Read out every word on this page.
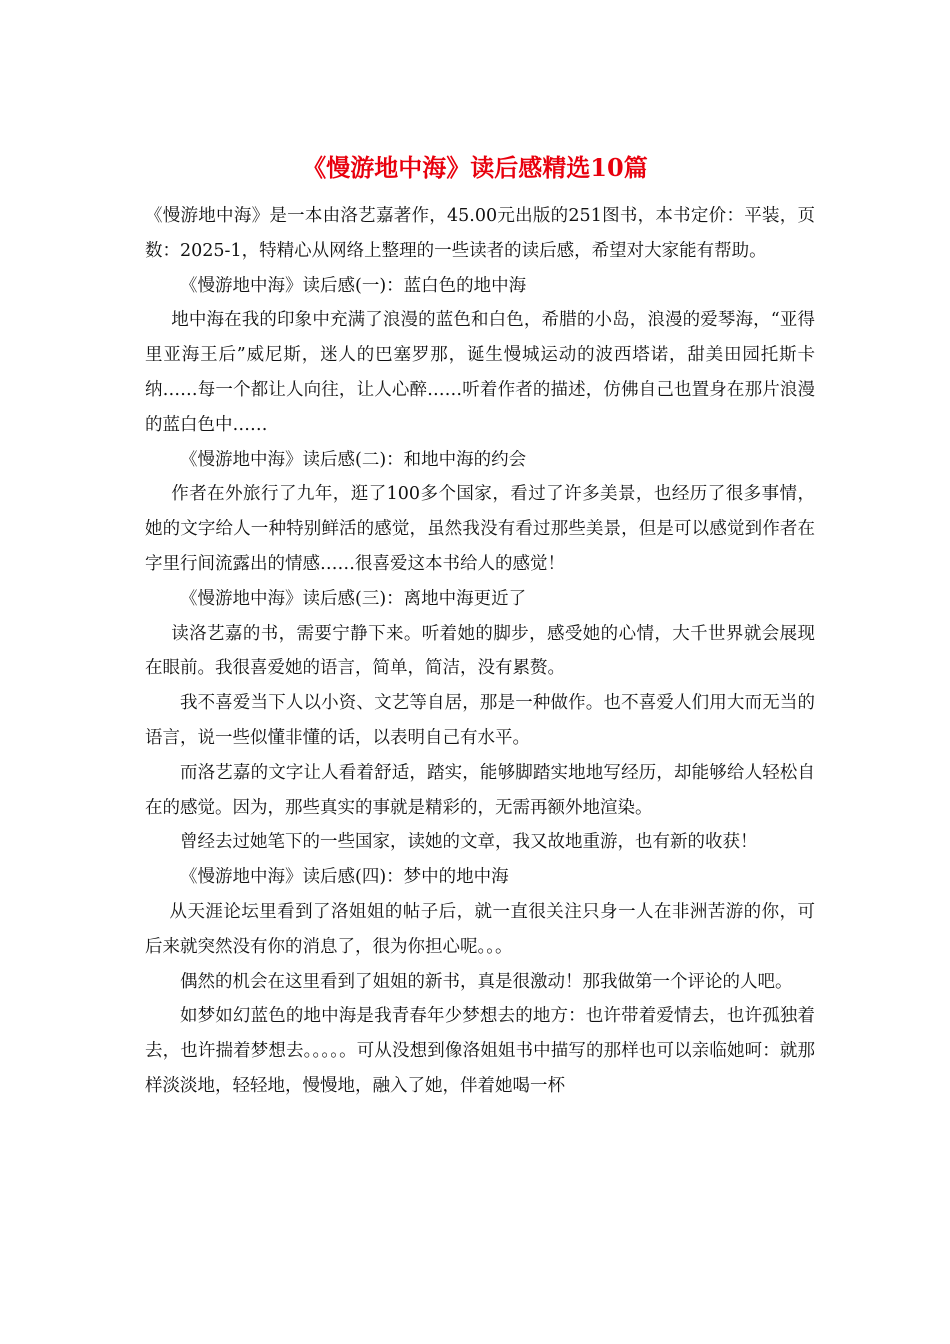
《慢游地中海》读后感精选10篇

《慢游地中海》是一本由洛艺嘉著作，45.00元出版的251图书，本书定价：平装，页数：2025-1，特精心从网络上整理的一些读者的读后感，希望对大家能有帮助。

《慢游地中海》读后感(一)：蓝白色的地中海

地中海在我的印象中充满了浪漫的蓝色和白色，希腊的小岛，浪漫的爱琴海，“亚得里亚海王后”威尼斯，迷人的巴塞罗那，诞生慢城运动的波西塔诺，甜美田园托斯卡纳……每一个都让人向往，让人心醉……听着作者的描述，仿佛自己也置身在那片浪漫的蓝白色中……

《慢游地中海》读后感(二)：和地中海的约会

作者在外旅行了九年，逛了100多个国家，看过了许多美景，也经历了很多事情，她的文字给人一种特别鲜活的感觉，虽然我没有看过那些美景，但是可以感觉到作者在字里行间流露出的情感……很喜爱这本书给人的感觉！

《慢游地中海》读后感(三)：离地中海更近了

读洛艺嘉的书，需要宁静下来。听着她的脚步，感受她的心情，大千世界就会展现在眼前。我很喜爱她的语言，简单，简洁，没有累赘。

我不喜爱当下人以小资、文艺等自居，那是一种做作。也不喜爱人们用大而无当的语言，说一些似懂非懂的话，以表明自己有水平。

而洛艺嘉的文字让人看着舒适，踏实，能够脚踏实地地写经历，却能够给人轻松自在的感觉。因为，那些真实的事就是精彩的，无需再额外地渲染。

曾经去过她笔下的一些国家，读她的文章，我又故地重游，也有新的收获！

《慢游地中海》读后感(四)：梦中的地中海

从天涯论坛里看到了洛姐姐的帖子后，就一直很关注只身一人在非洲苦游的你，可后来就突然没有你的消息了，很为你担心呢。。。

偶然的机会在这里看到了姐姐的新书，真是很激动！那我做第一个评论的人吧。

如梦如幻蓝色的地中海是我青春年少梦想去的地方：也许带着爱情去，也许孤独着去，也许揣着梦想去。。。。。可从没想到像洛姐姐书中描写的那样也可以亲临她呵：就那样淡淡地，轻轻地，慢慢地，融入了她，伴着她喝一杯
